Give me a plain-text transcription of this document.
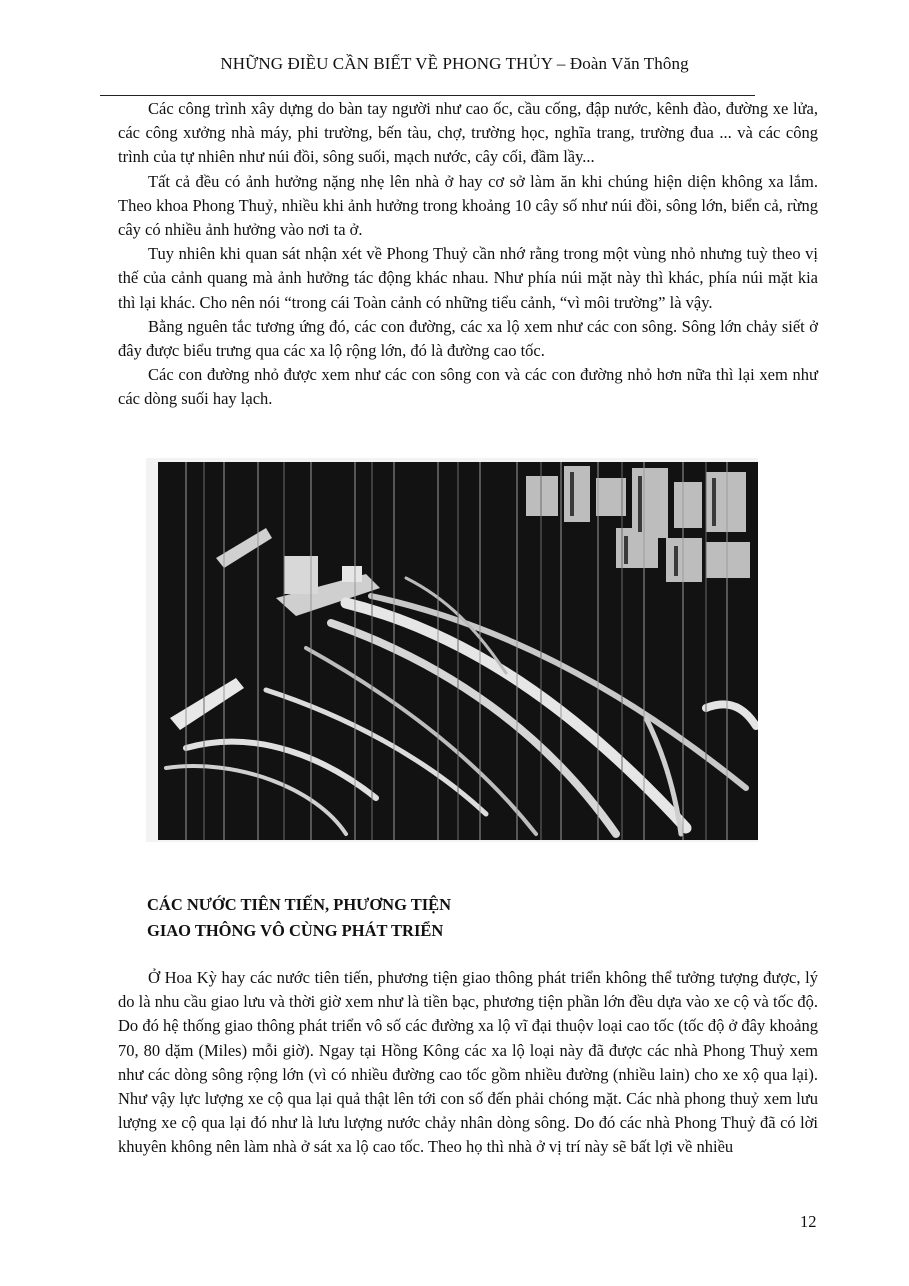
NHỮNG ĐIỀU CẦN BIẾT VỀ PHONG THỦY – Đoàn Văn Thông

Các công trình xây dựng do bàn tay người như cao ốc, cầu cống, đập nước, kênh đào, đường xe lửa, các công xưởng nhà máy, phi trường, bến tàu, chợ, trường học, nghĩa trang, trường đua ... và các công trình của tự nhiên như núi đồi, sông suối, mạch nước, cây cối, đầm lầy...

Tất cả đều có ảnh hưởng nặng nhẹ lên nhà ở hay cơ sở làm ăn khi chúng hiện diện không xa lắm. Theo khoa Phong Thuỷ, nhiều khi ảnh hưởng trong khoảng 10 cây số như núi đồi, sông lớn, biển cả, rừng cây có nhiều ảnh hưởng vào nơi ta ở.

Tuy nhiên khi quan sát nhận xét về Phong Thuỷ cần nhớ rằng trong một vùng nhỏ nhưng tuỳ theo vị thế của cảnh quang mà ảnh hưởng tác động khác nhau. Như phía núi mặt này thì khác, phía núi mặt kia thì lại khác. Cho nên nói “trong cái Toàn cảnh có những tiểu cảnh, “vì môi trường” là vậy.

Bằng nguên tắc tương ứng đó, các con đường, các xa lộ xem như các con sông. Sông lớn chảy siết ở đây được biểu trưng qua các xa lộ rộng lớn, đó là đường cao tốc.

Các con đường nhỏ được xem như các con sông con và các con đường nhỏ hơn nữa thì lại xem như các dòng suối hay lạch.

CÁC NƯỚC TIÊN TIẾN, PHƯƠNG TIỆN
GIAO THÔNG VÔ CÙNG PHÁT TRIỂN

Ở Hoa Kỳ hay các nước tiên tiến, phương tiện giao thông phát triển không thể tưởng tượng được, lý do là nhu cầu giao lưu và thời giờ xem như là tiền bạc, phương tiện phần lớn đều dựa vào xe cộ và tốc độ. Do đó hệ thống giao thông phát triển vô số các đường xa lộ vĩ đại thuộv loại cao tốc (tốc độ ở đây khoảng 70, 80 dặm (Miles) mỗi giờ). Ngay tại Hồng Kông các xa lộ loại này đã được các nhà Phong Thuỷ xem như các dòng sông rộng lớn (vì có nhiều đường cao tốc gồm nhiều đường (nhiều lain) cho xe xộ qua lại). Như vậy lực lượng xe cộ qua lại quả thật lên tới con số đến phải chóng mặt. Các nhà phong thuỷ xem lưu lượng xe cộ qua lại đó như là lưu lượng nước chảy nhân dòng sông. Do đó các nhà Phong Thuỷ đã có lời khuyên không nên làm nhà ở sát xa lộ cao tốc. Theo họ thì nhà ở vị trí này sẽ bất lợi về nhiều

12
